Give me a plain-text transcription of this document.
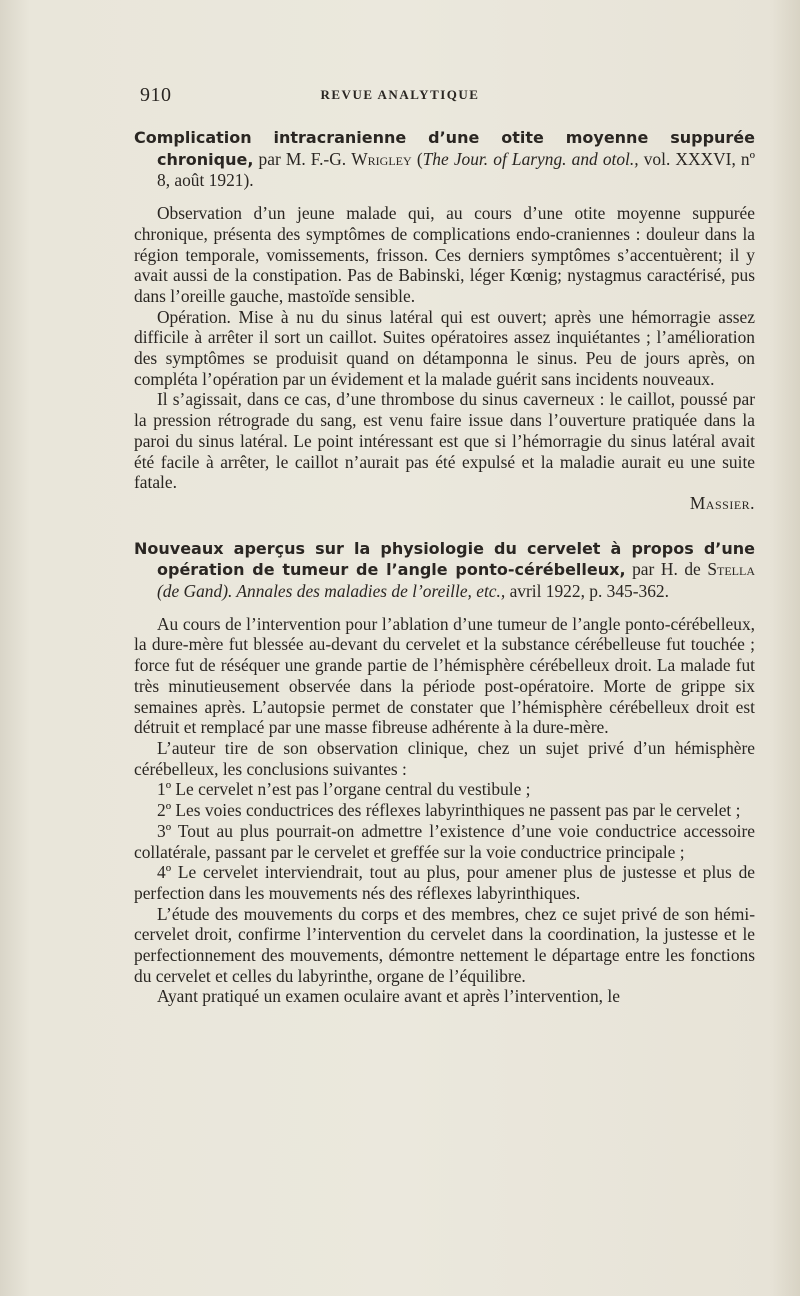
910	REVUE ANALYTIQUE

Complication intracranienne d’une otite moyenne suppurée chronique, par M. F.-G. Wrigley (The Jour. of Laryng. and otol., vol. XXXVI, nº 8, août 1921).

Observation d’un jeune malade qui, au cours d’une otite moyenne suppurée chronique, présenta des symptômes de complications endo-craniennes : douleur dans la région temporale, vomissements, frisson. Ces derniers symptômes s’accentuèrent; il y avait aussi de la constipation. Pas de Babinski, léger Kœnig; nystagmus caractérisé, pus dans l’oreille gauche, mastoïde sensible.

Opération. Mise à nu du sinus latéral qui est ouvert; après une hémorragie assez difficile à arrêter il sort un caillot. Suites opératoires assez inquiétantes ; l’amélioration des symptômes se produisit quand on détamponna le sinus. Peu de jours après, on compléta l’opération par un évidement et la malade guérit sans incidents nouveaux.

Il s’agissait, dans ce cas, d’une thrombose du sinus caverneux : le caillot, poussé par la pression rétrograde du sang, est venu faire issue dans l’ouverture pratiquée dans la paroi du sinus latéral. Le point intéressant est que si l’hémorragie du sinus latéral avait été facile à arrêter, le caillot n’aurait pas été expulsé et la maladie aurait eu une suite fatale.

Massier.

Nouveaux aperçus sur la physiologie du cervelet à propos d’une opération de tumeur de l’angle ponto-cérébelleux, par H. de Stella (de Gand). Annales des maladies de l’oreille, etc., avril 1922, p. 345-362.

Au cours de l’intervention pour l’ablation d’une tumeur de l’angle ponto-cérébelleux, la dure-mère fut blessée au-devant du cervelet et la substance cérébelleuse fut touchée ; force fut de réséquer une grande partie de l’hémisphère cérébelleux droit. La malade fut très minutieusement observée dans la période post-opératoire. Morte de grippe six semaines après. L’autopsie permet de constater que l’hémisphère cérébelleux droit est détruit et remplacé par une masse fibreuse adhérente à la dure-mère.

L’auteur tire de son observation clinique, chez un sujet privé d’un hémisphère cérébelleux, les conclusions suivantes :

1º Le cervelet n’est pas l’organe central du vestibule ;

2º Les voies conductrices des réflexes labyrinthiques ne passent pas par le cervelet ;

3º Tout au plus pourrait-on admettre l’existence d’une voie conductrice accessoire collatérale, passant par le cervelet et greffée sur la voie conductrice principale ;

4º Le cervelet interviendrait, tout au plus, pour amener plus de justesse et plus de perfection dans les mouvements nés des réflexes labyrinthiques.

L’étude des mouvements du corps et des membres, chez ce sujet privé de son hémi-cervelet droit, confirme l’intervention du cervelet dans la coordination, la justesse et le perfectionnement des mouvements, démontre nettement le départage entre les fonctions du cervelet et celles du labyrinthe, organe de l’équilibre.

Ayant pratiqué un examen oculaire avant et après l’intervention, le
